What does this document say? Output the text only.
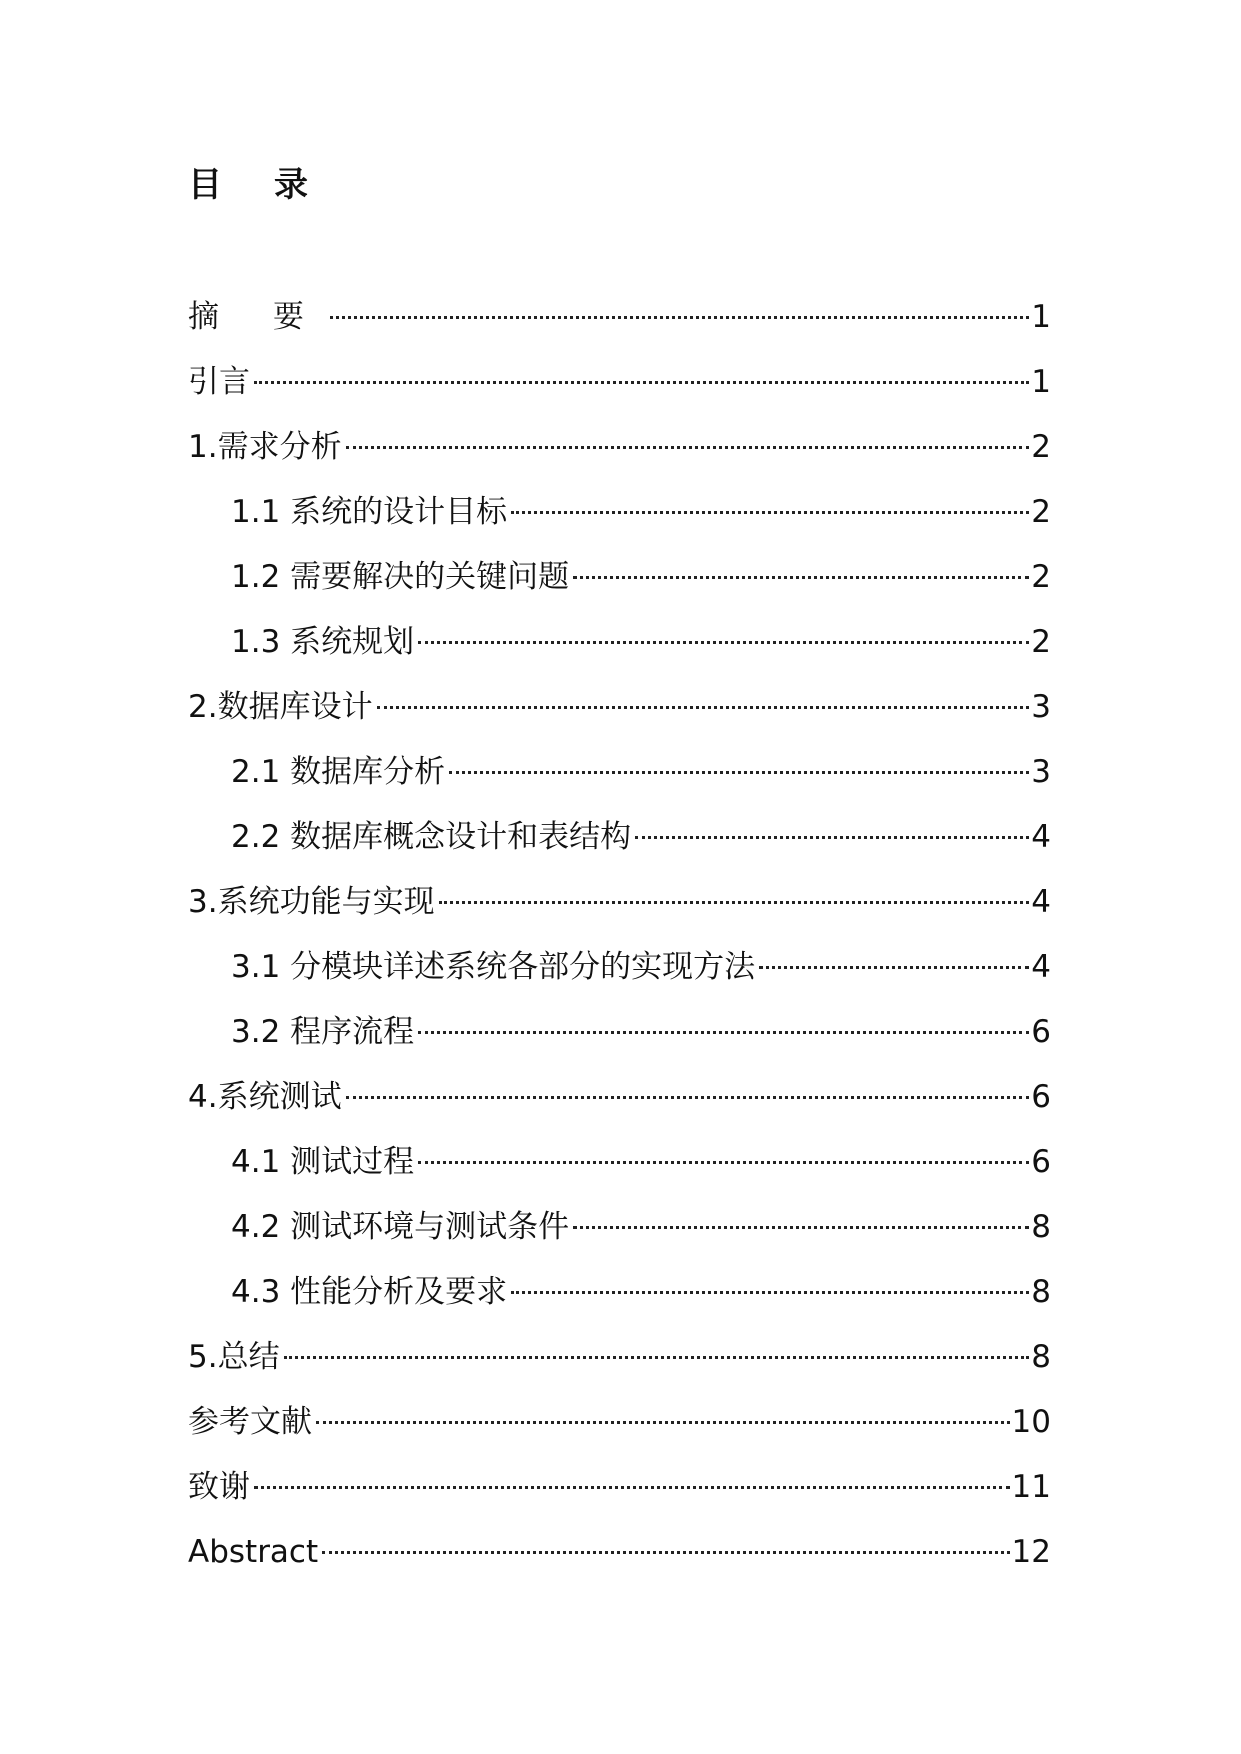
目录
摘 要	1
引言	1
1.需求分析	2
1.1 系统的设计目标	2
1.2 需要解决的关键问题	2
1.3 系统规划	2
2.数据库设计	3
2.1 数据库分析	3
2.2 数据库概念设计和表结构	4
3.系统功能与实现	4
3.1 分模块详述系统各部分的实现方法	4
3.2 程序流程	6
4.系统测试	6
4.1 测试过程	6
4.2 测试环境与测试条件	8
4.3 性能分析及要求	8
5.总结	8
参考文献	10
致谢	11
Abstract	12
